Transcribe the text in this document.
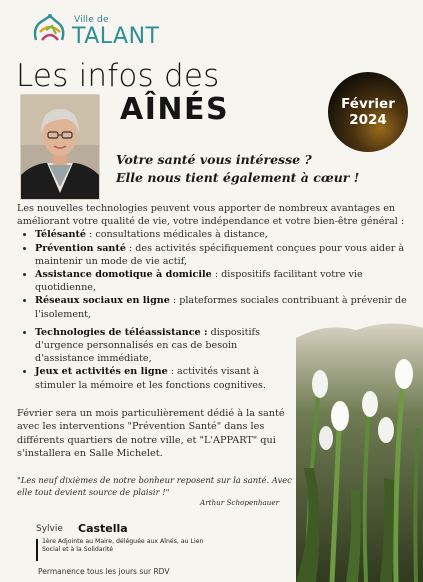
Ville de
TALANT
Les infos des
AÎNÉS	Février
2024
Votre santé vous intéresse ?
Elle nous tient également à cœur !

Les nouvelles technologies peuvent vous apporter de nombreux avantages en améliorant votre qualité de vie, votre indépendance et votre bien-être général :

• Télésanté : consultations médicales à distance,
• Prévention santé : des activités spécifiquement conçues pour vous aider à maintenir un mode de vie actif,
• Assistance domotique à domicile : dispositifs facilitant votre vie quotidienne,
• Réseaux sociaux en ligne : plateformes sociales contribuant à prévenir de l'isolement,
• Technologies de téléassistance : dispositifs d'urgence personnalisés en cas de besoin d'assistance immédiate,
• Jeux et activités en ligne : activités visant à stimuler la mémoire et les fonctions cognitives.
Février sera un mois particulièrement dédié à la santé avec les interventions "Prévention Santé" dans les différents quartiers de notre ville, et "L'APPART" qui s'installera en Salle Michelet.
"Les neuf dixièmes de notre bonheur reposent sur la santé. Avec elle tout devient source de plaisir !"
Arthur Schopenhauer
Sylvie Castella
1ère Adjointe au Maire, déléguée aux Aînés, au Lien Social et à la Solidarité
Permanence tous les jours sur RDV
